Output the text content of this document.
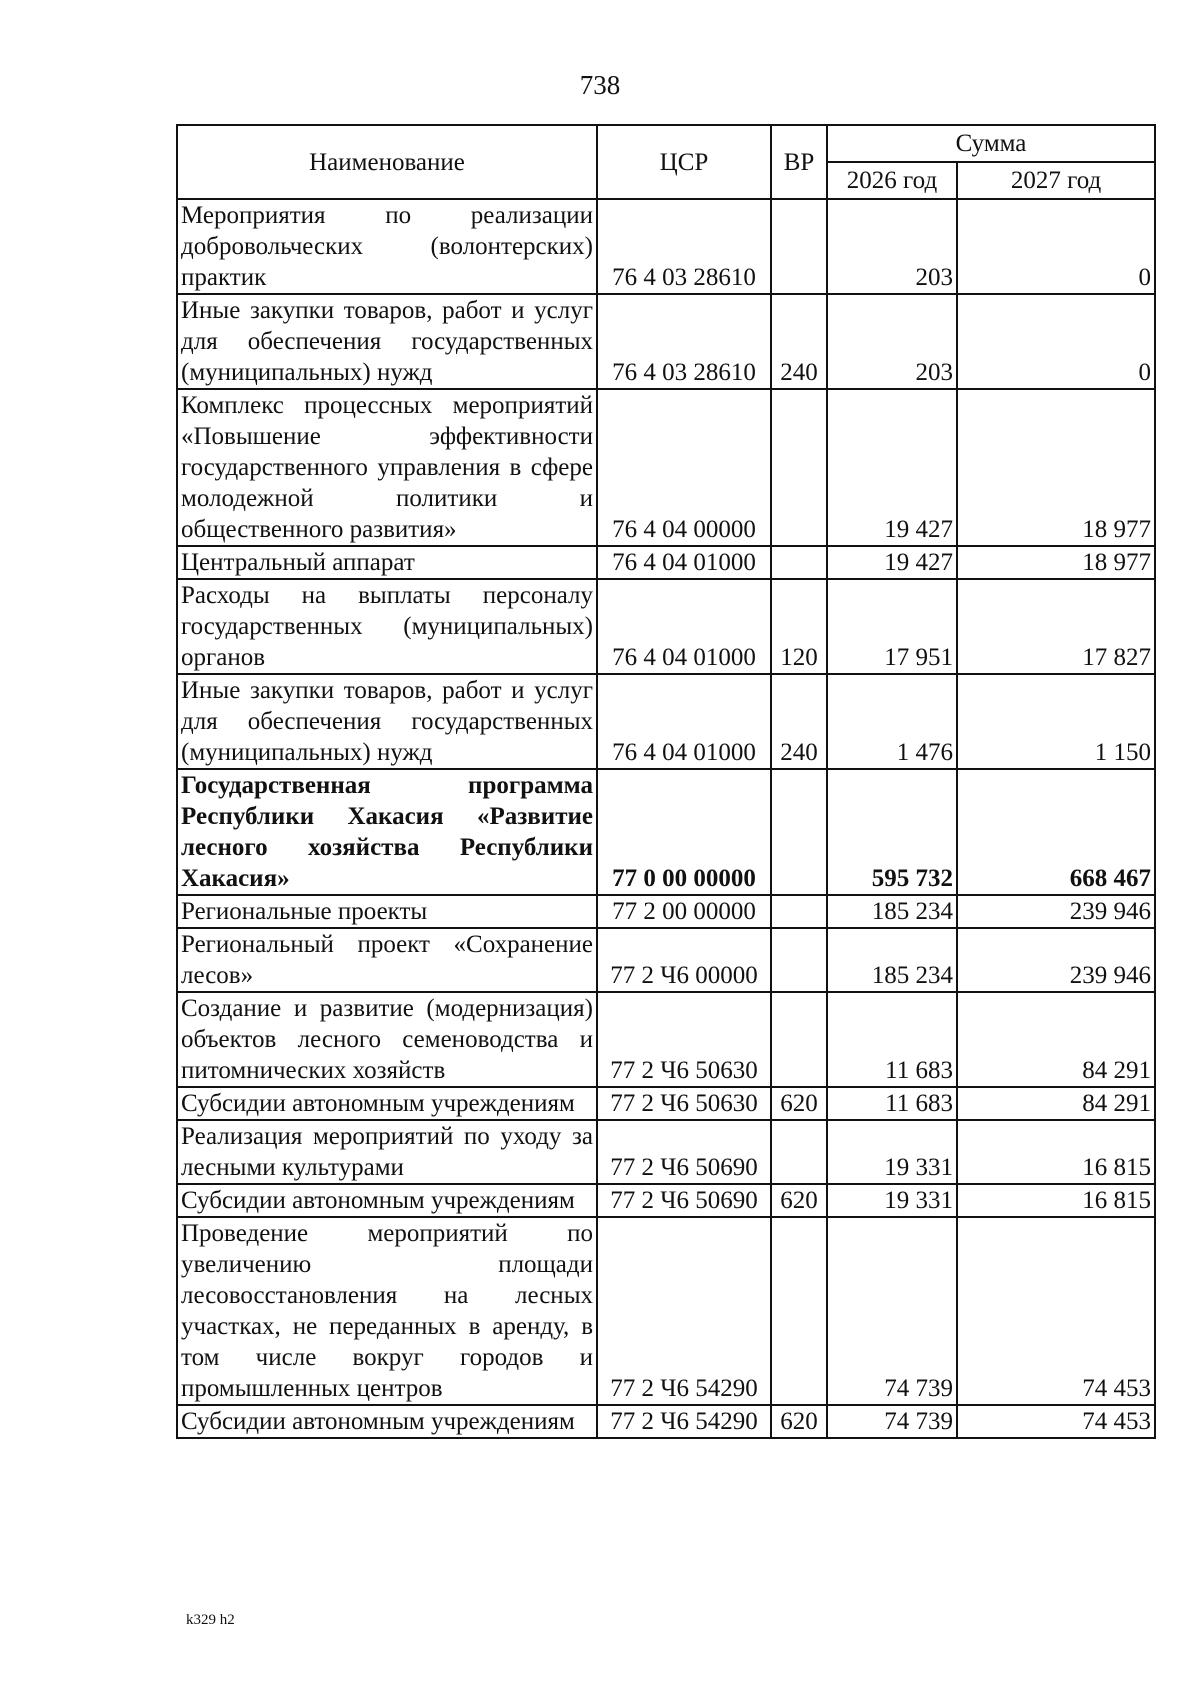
738
Наименование	ЦСР	ВР	Сумма	
			2026 год	2027 год
Мероприятия по реализации добровольческих (волонтерских) практик	76 4 03 28610		203	0
Иные закупки товаров, работ и услуг для обеспечения государственных (муниципальных) нужд	76 4 03 28610	240	203	0
Комплекс процессных мероприятий «Повышение эффективности государственного управления в сфере молодежной политики и общественного развития»	76 4 04 00000		19 427	18 977
Центральный аппарат	76 4 04 01000		19 427	18 977
Расходы на выплаты персоналу государственных (муниципальных) органов	76 4 04 01000	120	17 951	17 827
Иные закупки товаров, работ и услуг для обеспечения государственных (муниципальных) нужд	76 4 04 01000	240	1 476	1 150
Государственная программа Республики Хакасия «Развитие лесного хозяйства Республики Хакасия»	77 0 00 00000		595 732	668 467
Региональные проекты	77 2 00 00000		185 234	239 946
Региональный проект «Сохранение лесов»	77 2 Ч6 00000		185 234	239 946
Создание и развитие (модернизация) объектов лесного семеноводства и питомнических хозяйств	77 2 Ч6 50630		11 683	84 291
Субсидии автономным учреждениям	77 2 Ч6 50630	620	11 683	84 291
Реализация мероприятий по уходу за лесными культурами	77 2 Ч6 50690		19 331	16 815
Субсидии автономным учреждениям	77 2 Ч6 50690	620	19 331	16 815
Проведение мероприятий по увеличению площади лесовосстановления на лесных участках, не переданных в аренду, в том числе вокруг городов и промышленных центров	77 2 Ч6 54290		74 739	74 453
Субсидии автономным учреждениям	77 2 Ч6 54290	620	74 739	74 453
k329 h2
